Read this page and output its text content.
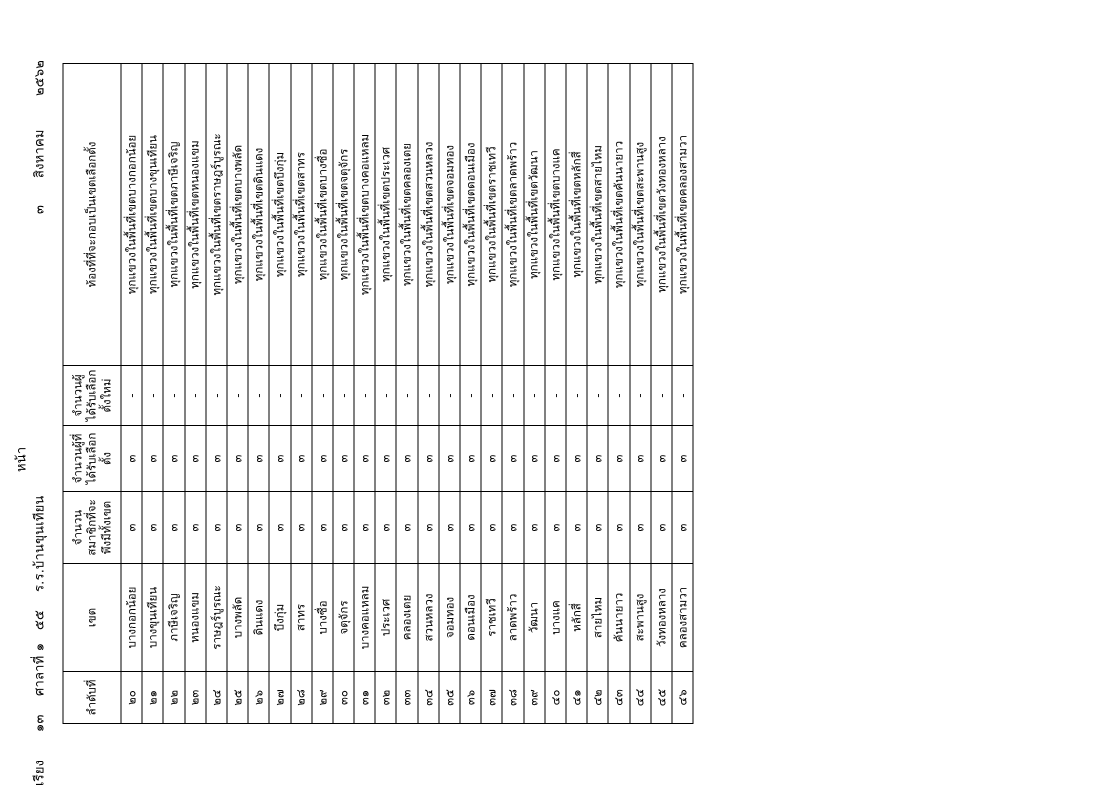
เรียง
๑๓
ศาลาที่ ๑
๕๕
ร.ร.บ้านขุนเทียน
หน้า
๓
สิงหาคม
๒๕๖๒
ลำดับที่	เขต	จำนวนสมาชิกที่จะพึงมีทั้งเขต	จำนวนผู้ที่ได้รับเลือกตั้ง	จำนวนผู้ได้รับเลือกตั้งใหม่	ท้องที่ที่จะกอบเป็นเขตเลือกตั้ง
๒๐	บางกอกน้อย	๓	๓	-	ทุกแขวงในพื้นที่เขตบางกอกน้อย
๒๑	บางขุนเทียน	๓	๓	-	ทุกแขวงในพื้นที่เขตบางขุนเทียน
๒๒	ภาษีเจริญ	๓	๓	-	ทุกแขวงในพื้นที่เขตภาษีเจริญ
๒๓	หนองแขม	๓	๓	-	ทุกแขวงในพื้นที่เขตหนองแขม
๒๔	ราษฎร์บูรณะ	๓	๓	-	ทุกแขวงในพื้นที่เขตราษฎร์บูรณะ
๒๕	บางพลัด	๓	๓	-	ทุกแขวงในพื้นที่เขตบางพลัด
๒๖	ดินแดง	๓	๓	-	ทุกแขวงในพื้นที่เขตดินแดง
๒๗	บึงกุ่ม	๓	๓	-	ทุกแขวงในพื้นที่เขตบึงกุ่ม
๒๘	สาทร	๓	๓	-	ทุกแขวงในพื้นที่เขตสาทร
๒๙	บางซื่อ	๓	๓	-	ทุกแขวงในพื้นที่เขตบางซื่อ
๓๐	จตุจักร	๓	๓	-	ทุกแขวงในพื้นที่เขตจตุจักร
๓๑	บางคอแหลม	๓	๓	-	ทุกแขวงในพื้นที่เขตบางคอแหลม
๓๒	ประเวศ	๓	๓	-	ทุกแขวงในพื้นที่เขตประเวศ
๓๓	คลองเตย	๓	๓	-	ทุกแขวงในพื้นที่เขตคลองเตย
๓๔	สวนหลวง	๓	๓	-	ทุกแขวงในพื้นที่เขตสวนหลวง
๓๕	จอมทอง	๓	๓	-	ทุกแขวงในพื้นที่เขตจอมทอง
๓๖	ดอนเมือง	๓	๓	-	ทุกแขวงในพื้นที่เขตดอนเมือง
๓๗	ราชเทวี	๓	๓	-	ทุกแขวงในพื้นที่เขตราชเทวี
๓๘	ลาดพร้าว	๓	๓	-	ทุกแขวงในพื้นที่เขตลาดพร้าว
๓๙	วัฒนา	๓	๓	-	ทุกแขวงในพื้นที่เขตวัฒนา
๔๐	บางแค	๓	๓	-	ทุกแขวงในพื้นที่เขตบางแค
๔๑	หลักสี่	๓	๓	-	ทุกแขวงในพื้นที่เขตหลักสี่
๔๒	สายไหม	๓	๓	-	ทุกแขวงในพื้นที่เขตสายไหม
๔๓	คันนายาว	๓	๓	-	ทุกแขวงในพื้นที่เขตคันนายาว
๔๔	สะพานสูง	๓	๓	-	ทุกแขวงในพื้นที่เขตสะพานสูง
๔๕	วังทองหลาง	๓	๓	-	ทุกแขวงในพื้นที่เขตวังทองหลาง
๔๖	คลองสามวา	๓	๓	-	ทุกแขวงในพื้นที่เขตคลองสามวา
